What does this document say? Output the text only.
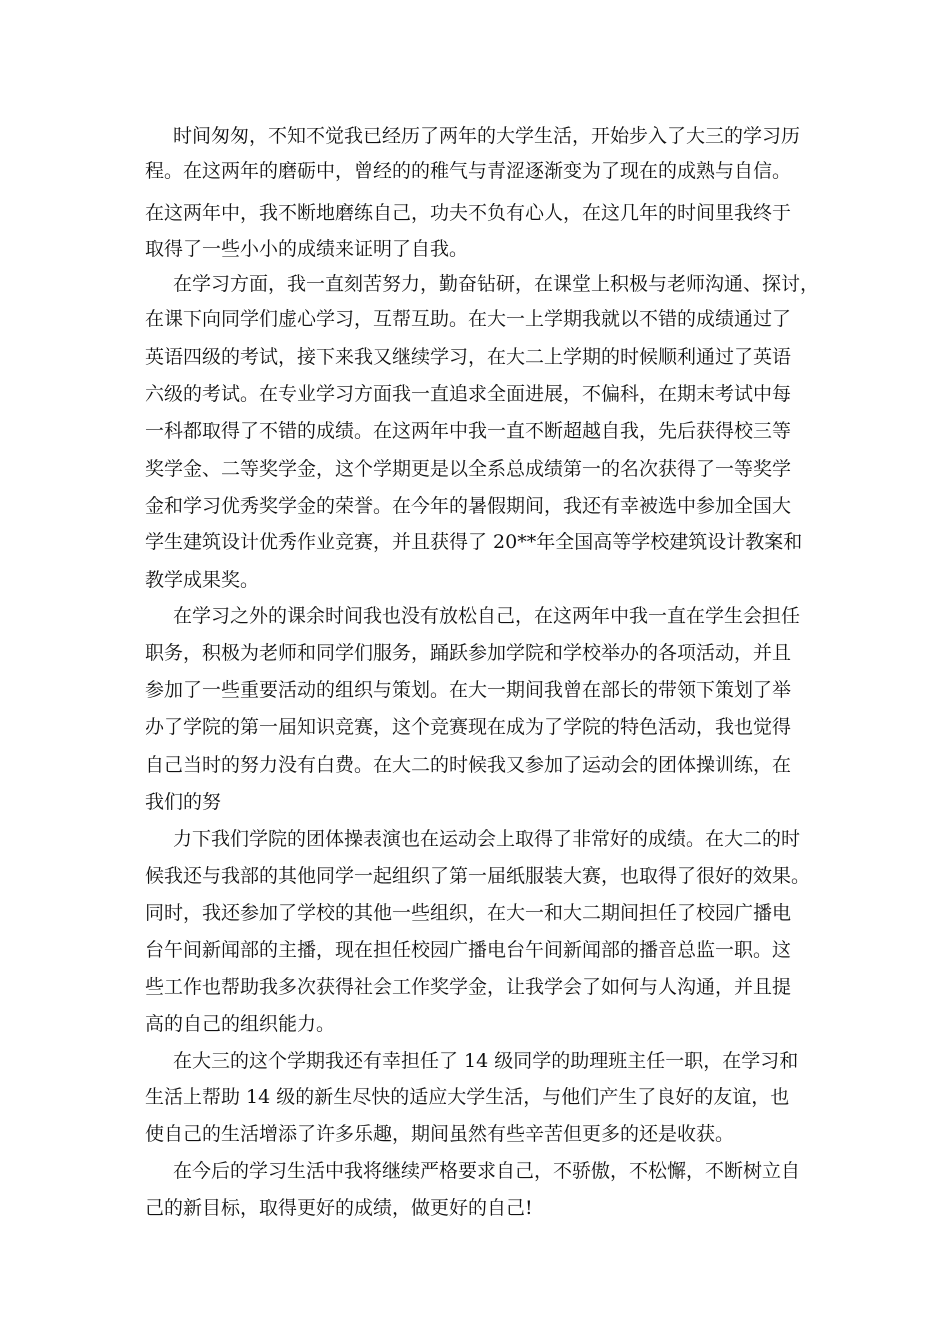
时间匆匆，不知不觉我已经历了两年的大学生活，开始步入了大三的学习历

程。在这两年的磨砺中，曾经的的稚气与青涩逐渐变为了现在的成熟与自信。

在这两年中，我不断地磨练自己，功夫不负有心人，在这几年的时间里我终于

取得了一些小小的成绩来证明了自我。

在学习方面，我一直刻苦努力，勤奋钻研，在课堂上积极与老师沟通、探讨，

在课下向同学们虚心学习，互帮互助。在大一上学期我就以不错的成绩通过了

英语四级的考试，接下来我又继续学习，在大二上学期的时候顺利通过了英语

六级的考试。在专业学习方面我一直追求全面进展，不偏科，在期末考试中每

一科都取得了不错的成绩。在这两年中我一直不断超越自我，先后获得校三等

奖学金、二等奖学金，这个学期更是以全系总成绩第一的名次获得了一等奖学

金和学习优秀奖学金的荣誉。在今年的暑假期间，我还有幸被选中参加全国大

学生建筑设计优秀作业竞赛，并且获得了 20**年全国高等学校建筑设计教案和

教学成果奖。

在学习之外的课余时间我也没有放松自己，在这两年中我一直在学生会担任

职务，积极为老师和同学们服务，踊跃参加学院和学校举办的各项活动，并且

参加了一些重要活动的组织与策划。在大一期间我曾在部长的带领下策划了举

办了学院的第一届知识竞赛，这个竞赛现在成为了学院的特色活动，我也觉得

自己当时的努力没有白费。在大二的时候我又参加了运动会的团体操训练，在

我们的努

力下我们学院的团体操表演也在运动会上取得了非常好的成绩。在大二的时

候我还与我部的其他同学一起组织了第一届纸服装大赛，也取得了很好的效果。

同时，我还参加了学校的其他一些组织，在大一和大二期间担任了校园广播电

台午间新闻部的主播，现在担任校园广播电台午间新闻部的播音总监一职。这

些工作也帮助我多次获得社会工作奖学金，让我学会了如何与人沟通，并且提

高的自己的组织能力。

在大三的这个学期我还有幸担任了 14 级同学的助理班主任一职，在学习和

生活上帮助 14 级的新生尽快的适应大学生活，与他们产生了良好的友谊，也

使自己的生活增添了许多乐趣，期间虽然有些辛苦但更多的还是收获。

在今后的学习生活中我将继续严格要求自己，不骄傲，不松懈，不断树立自

己的新目标，取得更好的成绩，做更好的自己!
